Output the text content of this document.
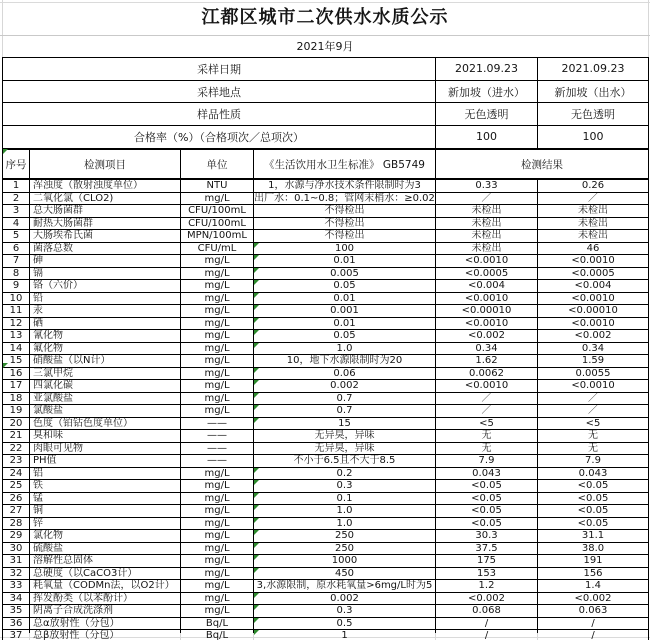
江都区城市二次供水水质公示
2021年9月
采样日期	2021.09.23	2021.09.23
采样地点	新加坡（进水）	新加坡（出水）
样品性质	无色透明	无色透明
合格率（%）（合格项次／总项次）	100	100
序号	检测项目	单位	《生活饮用水卫生标准》 GB5749	检测结果	
1	浑浊度（散射浊度单位）	NTU	1，水源与净水技术条件限制时为3	0.33	0.26
2	二氧化氯（CLO2)	mg/L	出厂水：0.1~0.8；管网末梢水：≥0.02	／	／
3	总大肠菌群	CFU/100mL	不得检出	未检出	未检出
4	耐热大肠菌群	CFU/100mL	不得检出	未检出	未检出
5	大肠埃希氏菌	MPN/100mL	不得检出	未检出	未检出
6	菌落总数	CFU/mL	100	未检出	46
7	砷	mg/L	0.01	<0.0010	<0.0010
8	镉	mg/L	0.005	<0.0005	<0.0005
9	铬（六价）	mg/L	0.05	<0.004	<0.004
10	铅	mg/L	0.01	<0.0010	<0.0010
11	汞	mg/L	0.001	<0.00010	<0.00010
12	硒	mg/L	0.01	<0.0010	<0.0010
13	氰化物	mg/L	0.05	<0.002	<0.002
14	氟化物	mg/L	1.0	0.34	0.34
15	硝酸盐（以N计）	mg/L	10，地下水源限制时为20	1.62	1.59
16	三氯甲烷	mg/L	0.06	0.0062	0.0055
17	四氯化碳	mg/L	0.002	<0.0010	<0.0010
18	亚氯酸盐	mg/L	0.7	／	／
19	氯酸盐	mg/L	0.7	／	／
20	色度（铂钴色度单位）	——	15	<5	<5
21	臭和味	——	无异臭，异味	无	无
22	肉眼可见物	——	无异臭，异味	无	无
23	PH值	——	不小于6.5且不大于8.5	7.9	7.9
24	铝	mg/L	0.2	0.043	0.043
25	铁	mg/L	0.3	<0.05	<0.05
26	锰	mg/L	0.1	<0.05	<0.05
27	铜	mg/L	1.0	<0.05	<0.05
28	锌	mg/L	1.0	<0.05	<0.05
29	氯化物	mg/L	250	30.3	31.1
30	硫酸盐	mg/L	250	37.5	38.0
31	溶解性总固体	mg/L	1000	175	191
32	总硬度（以CaCO3计）	mg/L	450	153	156
33	耗氧量（CODMn法，以O2计）	mg/L	3,水源限制，原水耗氧量>6mg/L时为5	1.2	1.4
34	挥发酚类（以苯酚计）	mg/L	0.002	<0.002	<0.002
35	阴离子合成洗涤剂	mg/L	0.3	0.068	0.063
36	总α放射性（分包）	Bq/L	0.5	/	/
37	总β放射性（分包）	Bq/L	1	/	/
